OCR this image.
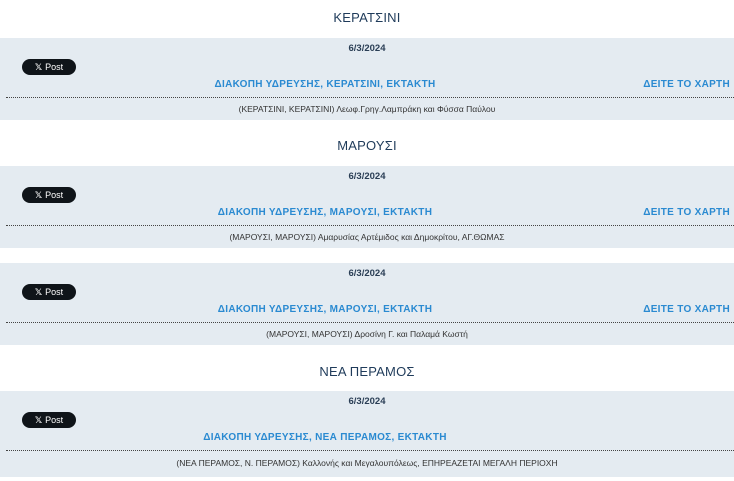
ΚΕΡΑΤΣΙΝΙ
6/3/2024
𝕏 Post
ΔΙΑΚΟΠΗ ΥΔΡΕΥΣΗΣ, ΚΕΡΑΤΣΙΝΙ, ΕΚΤΑΚΤΗ	ΔΕΙΤΕ ΤΟ ΧΑΡΤΗ
(ΚΕΡΑΤΣΙΝΙ, ΚΕΡΑΤΣΙΝΙ) Λεωφ.Γρηγ.Λαμπράκη και Φύσσα Παύλου
ΜΑΡΟΥΣΙ
6/3/2024
𝕏 Post
ΔΙΑΚΟΠΗ ΥΔΡΕΥΣΗΣ, ΜΑΡΟΥΣΙ, ΕΚΤΑΚΤΗ	ΔΕΙΤΕ ΤΟ ΧΑΡΤΗ
(ΜΑΡΟΥΣΙ, ΜΑΡΟΥΣΙ) Αμαρυσίας Αρτέμιδος και Δημοκρίτου, ΑΓ.ΘΩΜΑΣ
6/3/2024
𝕏 Post
ΔΙΑΚΟΠΗ ΥΔΡΕΥΣΗΣ, ΜΑΡΟΥΣΙ, ΕΚΤΑΚΤΗ	ΔΕΙΤΕ ΤΟ ΧΑΡΤΗ
(ΜΑΡΟΥΣΙ, ΜΑΡΟΥΣΙ) Δροσίνη Γ. και Παλαμά Κωστή
ΝΕΑ ΠΕΡΑΜΟΣ
6/3/2024
𝕏 Post
ΔΙΑΚΟΠΗ ΥΔΡΕΥΣΗΣ, ΝΕΑ ΠΕΡΑΜΟΣ, ΕΚΤΑΚΤΗ
(ΝΕΑ ΠΕΡΑΜΟΣ, Ν. ΠΕΡΑΜΟΣ) Καλλονής και Μεγαλουπόλεως, ΕΠΗΡΕΑΖΕΤΑΙ ΜΕΓΑΛΗ ΠΕΡΙΟΧΗ
